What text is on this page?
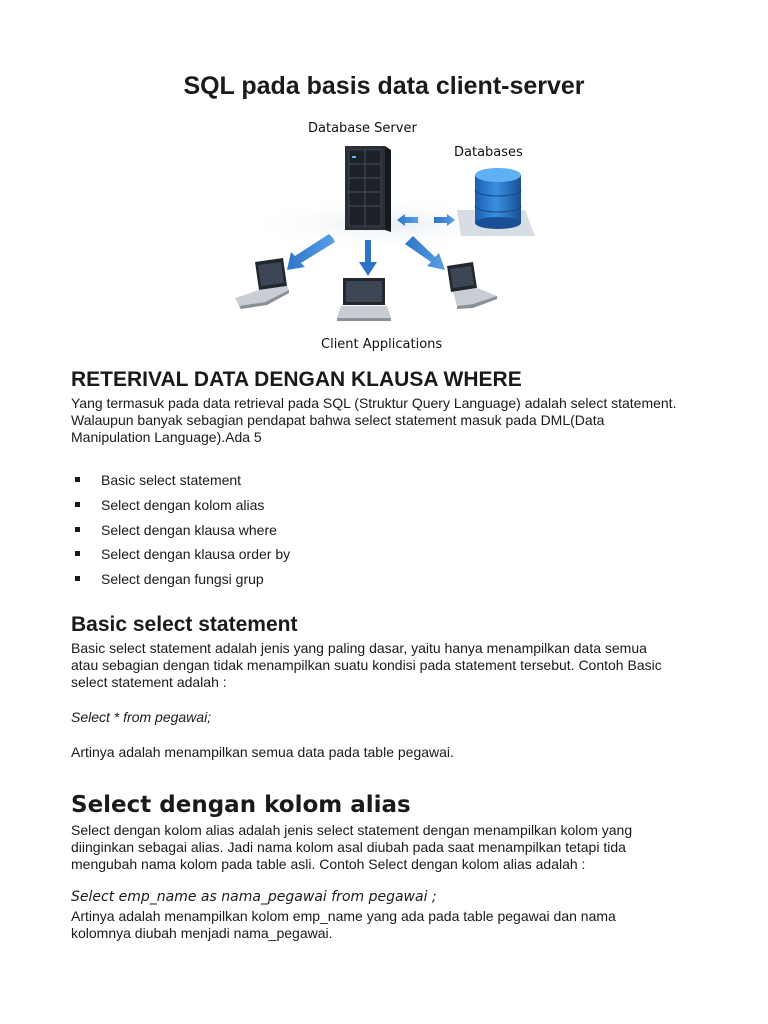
SQL pada basis data client-server
Database Server
Databases
Client Applications
RETERIVAL DATA DENGAN KLAUSA WHERE
Yang termasuk pada data retrieval pada SQL (Struktur Query Language) adalah select statement.
Walaupun banyak sebagian pendapat bahwa select statement masuk pada DML(Data
Manipulation Language).Ada 5
Basic select statement
Select dengan kolom alias
Select dengan klausa where
Select dengan klausa order by
Select dengan fungsi grup
Basic select statement
Basic select statement adalah jenis yang paling dasar, yaitu hanya menampilkan data semua
atau sebagian dengan tidak menampilkan suatu kondisi pada statement tersebut. Contoh Basic
select statement adalah :
Select * from pegawai;
Artinya adalah menampilkan semua data pada table pegawai.
Select dengan kolom alias
Select dengan kolom alias adalah jenis select statement dengan menampilkan kolom yang
diinginkan sebagai alias. Jadi nama kolom asal diubah pada saat menampilkan tetapi tida
mengubah nama kolom pada table asli. Contoh Select dengan kolom alias adalah :
Select emp_name as nama_pegawai from pegawai ;
Artinya adalah menampilkan kolom emp_name yang ada pada table pegawai dan nama
kolomnya diubah menjadi nama_pegawai.
